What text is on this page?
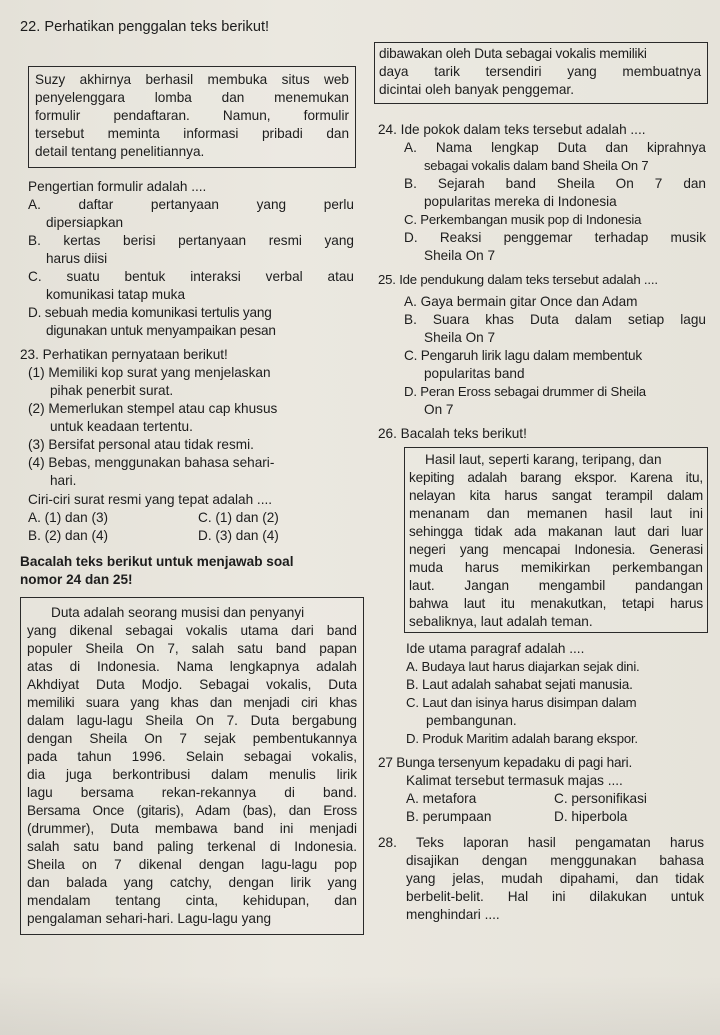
22. Perhatikan penggalan teks berikut!
Suzy akhirnya berhasil membuka situs web
penyelenggara lomba dan menemukan
formulir pendaftaran. Namun, formulir
tersebut meminta informasi pribadi dan
detail tentang penelitiannya.
Pengertian formulir adalah ....
A. daftar pertanyaan yang perlu
dipersiapkan
B. kertas berisi pertanyaan resmi yang
harus diisi
C. suatu bentuk interaksi verbal atau
komunikasi tatap muka
D. sebuah media komunikasi tertulis yang
digunakan untuk menyampaikan pesan
23. Perhatikan pernyataan berikut!
(1) Memiliki kop surat yang menjelaskan
pihak penerbit surat.
(2) Memerlukan stempel atau cap khusus
untuk keadaan tertentu.
(3) Bersifat personal atau tidak resmi.
(4) Bebas, menggunakan bahasa sehari-
hari.
Ciri-ciri surat resmi yang tepat adalah ....
A. (1) dan (3)	C. (1) dan (2)
B. (2) dan (4)	D. (3) dan (4)
Bacalah teks berikut untuk menjawab soal
nomor 24 dan 25!
Duta adalah seorang musisi dan penyanyi
yang dikenal sebagai vokalis utama dari band
populer Sheila On 7, salah satu band papan
atas di Indonesia. Nama lengkapnya adalah
Akhdiyat Duta Modjo. Sebagai vokalis, Duta
memiliki suara yang khas dan menjadi ciri khas
dalam lagu-lagu Sheila On 7. Duta bergabung
dengan Sheila On 7 sejak pembentukannya
pada tahun 1996. Selain sebagai vokalis,
dia juga berkontribusi dalam menulis lirik
lagu bersama rekan-rekannya di band.
Bersama Once (gitaris), Adam (bas), dan Eross
(drummer), Duta membawa band ini menjadi
salah satu band paling terkenal di Indonesia.
Sheila on 7 dikenal dengan lagu-lagu pop
dan balada yang catchy, dengan lirik yang
mendalam tentang cinta, kehidupan, dan
pengalaman sehari-hari. Lagu-lagu yang
dibawakan oleh Duta sebagai vokalis memiliki
daya tarik tersendiri yang membuatnya
dicintai oleh banyak penggemar.
24. Ide pokok dalam teks tersebut adalah ....
A. Nama lengkap Duta dan kiprahnya
sebagai vokalis dalam band Sheila On 7
B. Sejarah band Sheila On 7 dan
popularitas mereka di Indonesia
C. Perkembangan musik pop di Indonesia
D. Reaksi penggemar terhadap musik
Sheila On 7
25. Ide pendukung dalam teks tersebut adalah ....
A. Gaya bermain gitar Once dan Adam
B. Suara khas Duta dalam setiap lagu
Sheila On 7
C. Pengaruh lirik lagu dalam membentuk
popularitas band
D. Peran Eross sebagai drummer di Sheila
On 7
26. Bacalah teks berikut!
Hasil laut, seperti karang, teripang, dan
kepiting adalah barang ekspor. Karena itu,
nelayan kita harus sangat terampil dalam
menanam dan memanen hasil laut ini
sehingga tidak ada makanan laut dari luar
negeri yang mencapai Indonesia. Generasi
muda harus memikirkan perkembangan
laut. Jangan mengambil pandangan
bahwa laut itu menakutkan, tetapi harus
sebaliknya, laut adalah teman.
Ide utama paragraf adalah ....
A. Budaya laut harus diajarkan sejak dini.
B. Laut adalah sahabat sejati manusia.
C. Laut dan isinya harus disimpan dalam
pembangunan.
D. Produk Maritim adalah barang ekspor.
27 Bunga tersenyum kepadaku di pagi hari.
Kalimat tersebut termasuk majas ....
A. metafora	C. personifikasi
B. perumpaan	D. hiperbola
28. Teks laporan hasil pengamatan harus
disajikan dengan menggunakan bahasa
yang jelas, mudah dipahami, dan tidak
berbelit-belit. Hal ini dilakukan untuk
menghindari ....
